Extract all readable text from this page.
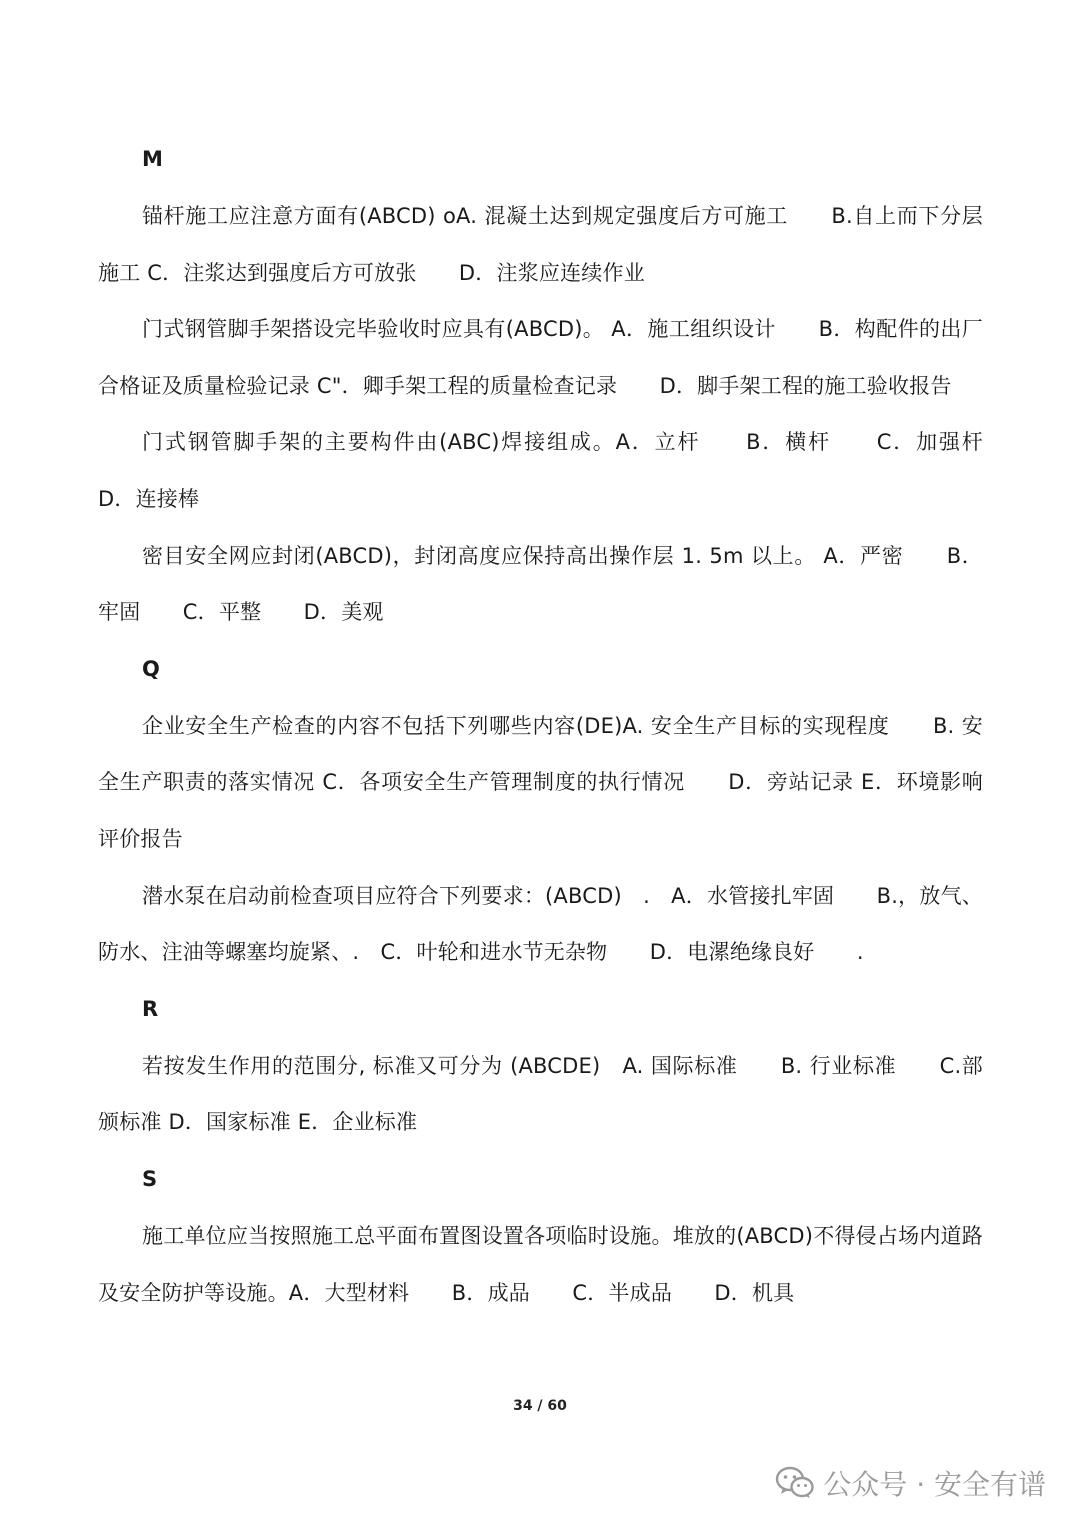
M
锚杆施工应注意方面有(ABCD) oA. 混凝土达到规定强度后方可施工　　B.自上而下分层施工 C．注浆达到强度后方可放张　　D．注浆应连续作业
门式钢管脚手架搭设完毕验收时应具有(ABCD)。 A．施工组织设计　　B．构配件的出厂合格证及质量检验记录 C"．卿手架工程的质量检查记录　　D．脚手架工程的施工验收报告
门式钢管脚手架的主要构件由(ABC)焊接组成。A．立杆　　B．横杆　　C．加强杆　　D．连接棒
密目安全网应封闭(ABCD)，封闭高度应保持高出操作层 1. 5m 以上。 A．严密　　B．牢固　　C．平整　　D．美观
Q
企业安全生产检查的内容不包括下列哪些内容(DE)A. 安全生产目标的实现程度　　B. 安全生产职责的落实情况 C．各项安全生产管理制度的执行情况　　D．旁站记录 E．环境影响评价报告
潜水泵在启动前检查项目应符合下列要求：(ABCD)　.　A．水管接扎牢固　　B.，放气、防水、注油等螺塞均旋紧、.　C．叶轮和进水节无杂物　　D．电漯绝缘良好　　.
R
若按发生作用的范围分, 标准又可分为 (ABCDE)　A. 国际标准　　B. 行业标准　　C.部颁标准 D．国家标准 E．企业标准
S
施工单位应当按照施工总平面布置图设置各项临时设施。堆放的(ABCD)不得侵占场内道路及安全防护等设施。A．大型材料　　B．成品　　C．半成品　　D．机具
34 / 60
公众号 · 安全有谱
